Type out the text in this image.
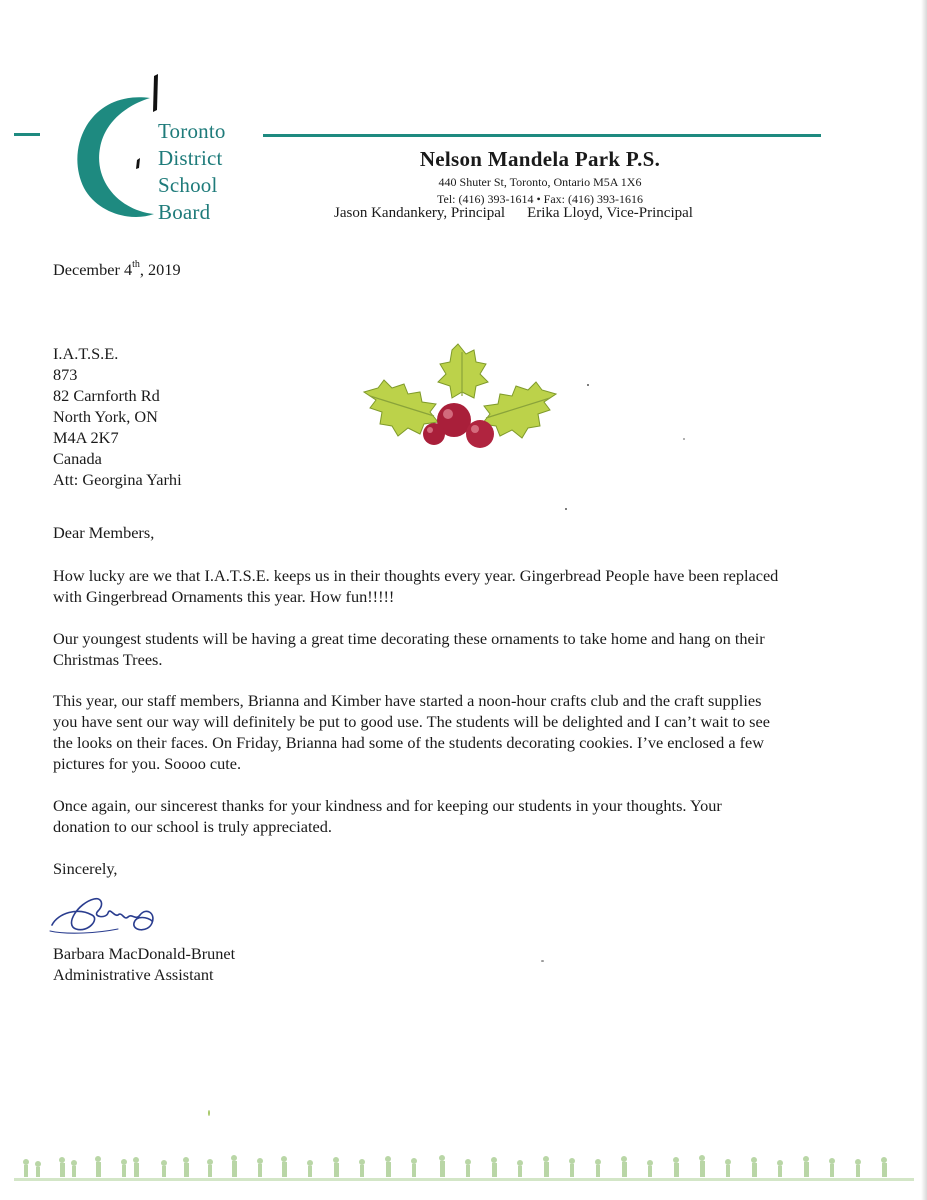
Toronto
District
School
Board
Nelson Mandela Park P.S.
440 Shuter St, Toronto, Ontario M5A 1X6
Tel: (416) 393-1614 • Fax: (416) 393-1616
Jason Kandankery, Principal Erika Lloyd, Vice-Principal
December 4th, 2019
I.A.T.S.E.
873
82 Carnforth Rd
North York, ON
M4A 2K7
Canada
Att: Georgina Yarhi
Dear Members,
How lucky are we that I.A.T.S.E. keeps us in their thoughts every year. Gingerbread People have been replaced
with Gingerbread Ornaments this year. How fun!!!!!
Our youngest students will be having a great time decorating these ornaments to take home and hang on their
Christmas Trees.
This year, our staff members, Brianna and Kimber have started a noon-hour crafts club and the craft supplies
you have sent our way will definitely be put to good use. The students will be delighted and I can’t wait to see
the looks on their faces. On Friday, Brianna had some of the students decorating cookies. I’ve enclosed a few
pictures for you. Soooo cute.
Once again, our sincerest thanks for your kindness and for keeping our students in your thoughts. Your
donation to our school is truly appreciated.
Sincerely,
Barbara MacDonald-Brunet
Administrative Assistant
